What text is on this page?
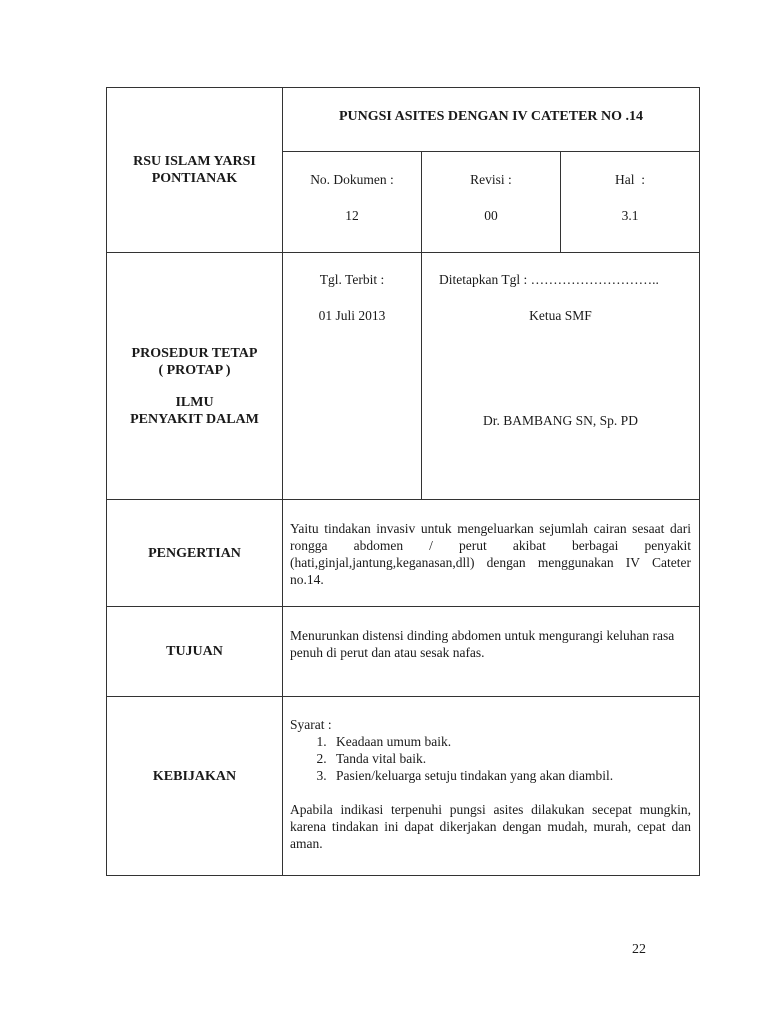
RSU ISLAM YARSI
PONTIANAK
PUNGSI ASITES DENGAN IV CATETER NO .14
No. Dokumen :
12
Revisi :
00
Hal  :
3.1
PROSEDUR TETAP
( PROTAP )
ILMU
PENYAKIT DALAM
Tgl. Terbit :
01 Juli 2013
Ditetapkan Tgl : ………………………..
Ketua SMF
Dr. BAMBANG SN, Sp. PD
PENGERTIAN
Yaitu tindakan invasiv untuk mengeluarkan sejumlah cairan sesaat dari rongga abdomen / perut akibat berbagai penyakit (hati,ginjal,jantung,keganasan,dll) dengan menggunakan IV Cateter no.14.
TUJUAN
Menurunkan distensi dinding abdomen untuk mengurangi keluhan rasa penuh di perut dan atau sesak nafas.
KEBIJAKAN
Syarat :
1. Keadaan umum baik.
2. Tanda vital baik.
3. Pasien/keluarga setuju tindakan yang akan diambil.
Apabila indikasi terpenuhi pungsi asites dilakukan secepat mungkin, karena tindakan ini dapat dikerjakan dengan mudah, murah, cepat dan aman.
22
